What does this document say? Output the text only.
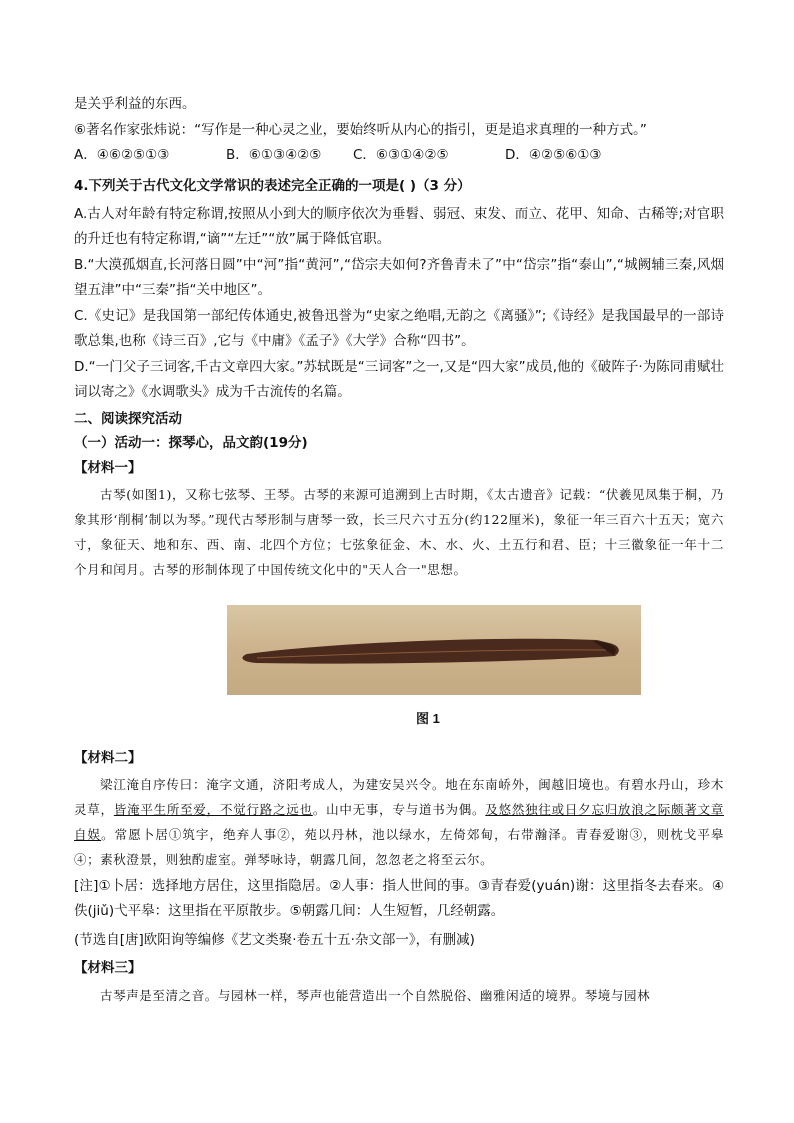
是关乎利益的东西。
⑥著名作家张炜说：“写作是一种心灵之业，要始终听从内心的指引，更是追求真理的一种方式。”
A．④⑥②⑤①③	B．⑥①③④②⑤ C．⑥③①④②⑤	D．④②⑤⑥①③
4.下列关于古代文化文学常识的表述完全正确的一项是( )（3 分）
A.古人对年龄有特定称谓,按照从小到大的顺序依次为垂髫、弱冠、束发、而立、花甲、知命、古稀等;对官职的升迁也有特定称谓,“谪”“左迁”“放”属于降低官职。
B.“大漠孤烟直,长河落日圆”中“河”指“黄河”,“岱宗夫如何?齐鲁青未了”中“岱宗”指“泰山”,“城阙辅三秦,风烟望五津”中“三秦”指“关中地区”。
C.《史记》是我国第一部纪传体通史,被鲁迅誉为“史家之绝唱,无韵之《离骚》”;《诗经》是我国最早的一部诗歌总集,也称《诗三百》,它与《中庸》《孟子》《大学》合称“四书”。
D.“一门父子三词客,千古文章四大家。”苏轼既是“三词客”之一,又是“四大家”成员,他的《破阵子·为陈同甫赋壮词以寄之》《水调歌头》成为千古流传的名篇。
二、阅读探究活动
（一）活动一：探琴心，品文韵(19分)
【材料一】
古琴(如图1)，又称七弦琴、王琴。古琴的来源可追溯到上古时期，《太古遗音》记载：“伏羲见凤集于桐，乃象其形‘削桐’制以为琴。”现代古琴形制与唐琴一致，长三尺六寸五分(约122厘米)，象征一年三百六十五天；宽六寸，象征天、地和东、西、南、北四个方位；七弦象征金、木、水、火、土五行和君、臣；十三徽象征一年十二个月和闰月。古琴的形制体现了中国传统文化中的"天人合一"思想。
图 1
【材料二】
梁江淹自序传曰：淹字文通，济阳考成人，为建安吴兴令。地在东南峤外，闽越旧境也。有碧水丹山，珍木灵草，皆淹平生所至爱，不觉行路之远也。山中无事，专与道书为偶。及悠然独往或日夕忘归放浪之际颇著文章自娱。常愿卜居①筑宇，绝弃人事②，苑以丹林，池以绿水，左倚郊甸，右带瀚泽。青春爱谢③，则枕戈平皋④；素秋澄景，则独酌虚室。弹琴咏诗，朝露几间，忽忽老之将至云尔。
[注]①卜居：选择地方居住，这里指隐居。②人事：指人世间的事。③青春爱(yuán)谢：这里指冬去春来。④佚(jiǔ)弋平皋：这里指在平原散步。⑤朝露几间：人生短暂，几经朝露。
(节选自[唐]欧阳询等编修《艺文类聚·卷五十五·杂文部一》，有删减)
【材料三】
古琴声是至清之音。与园林一样，琴声也能营造出一个自然脱俗、幽雅闲适的境界。琴境与园林
